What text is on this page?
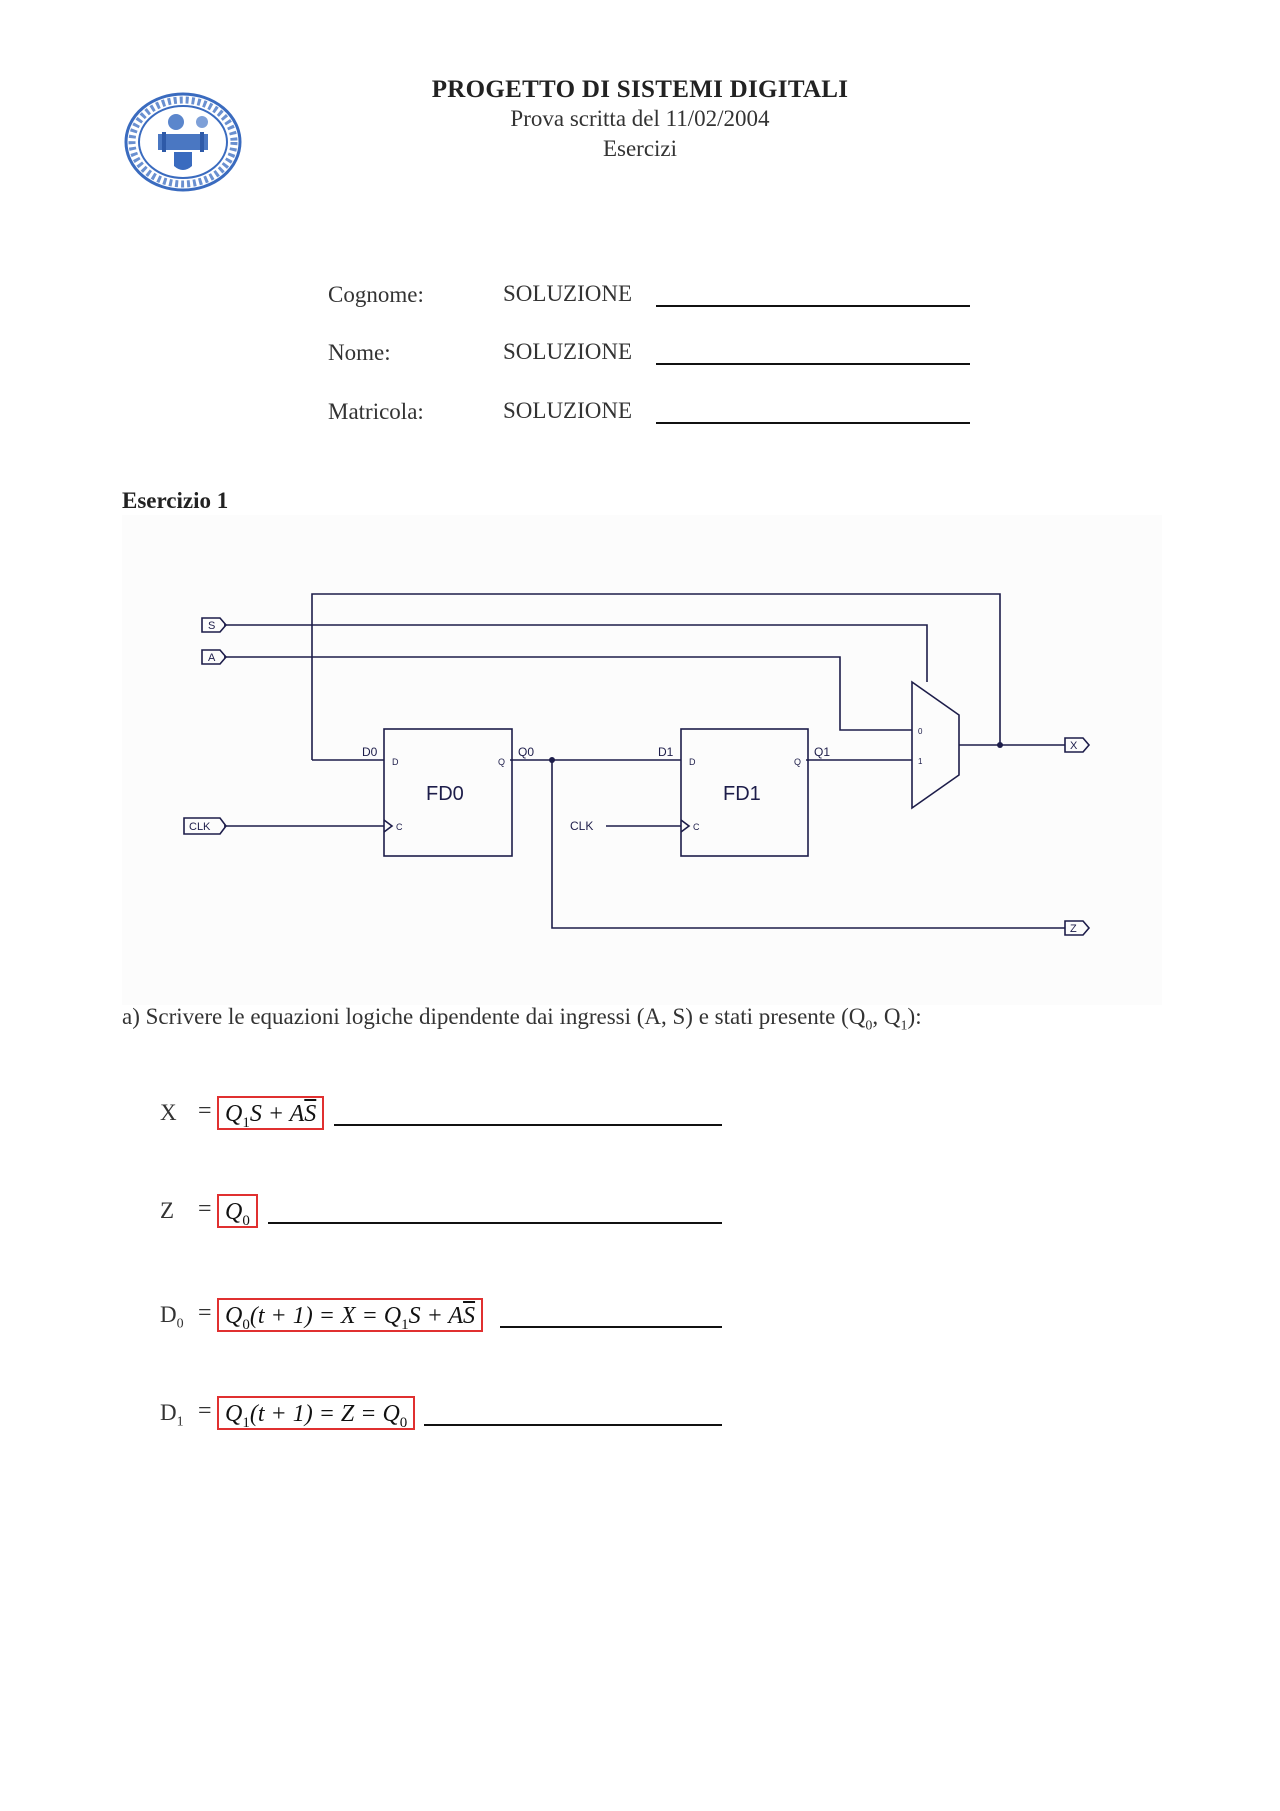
PROGETTO DI SISTEMI DIGITALI
Prova scritta del 11/02/2004
Esercizi
Cognome:	SOLUZIONE
Nome:	SOLUZIONE
Matricola:	SOLUZIONE
Esercizio 1
S
A
CLK
X
Z
D0	Q0	D1	Q1
CLK
D	Q
C
D	Q
C
0
1
FD0	FD1
a) Scrivere le equazioni logiche dipendente dai ingressi (A, S) e stati presente ($Q_0$, $Q_1$):
$X = Q_1S + A\overline{S}$
$Z = Q_0$
$D_0 = Q_0(t + 1) = X = Q_1S + A\overline{S}$
$D_1 = Q_1(t + 1) = Z = Q_0$
